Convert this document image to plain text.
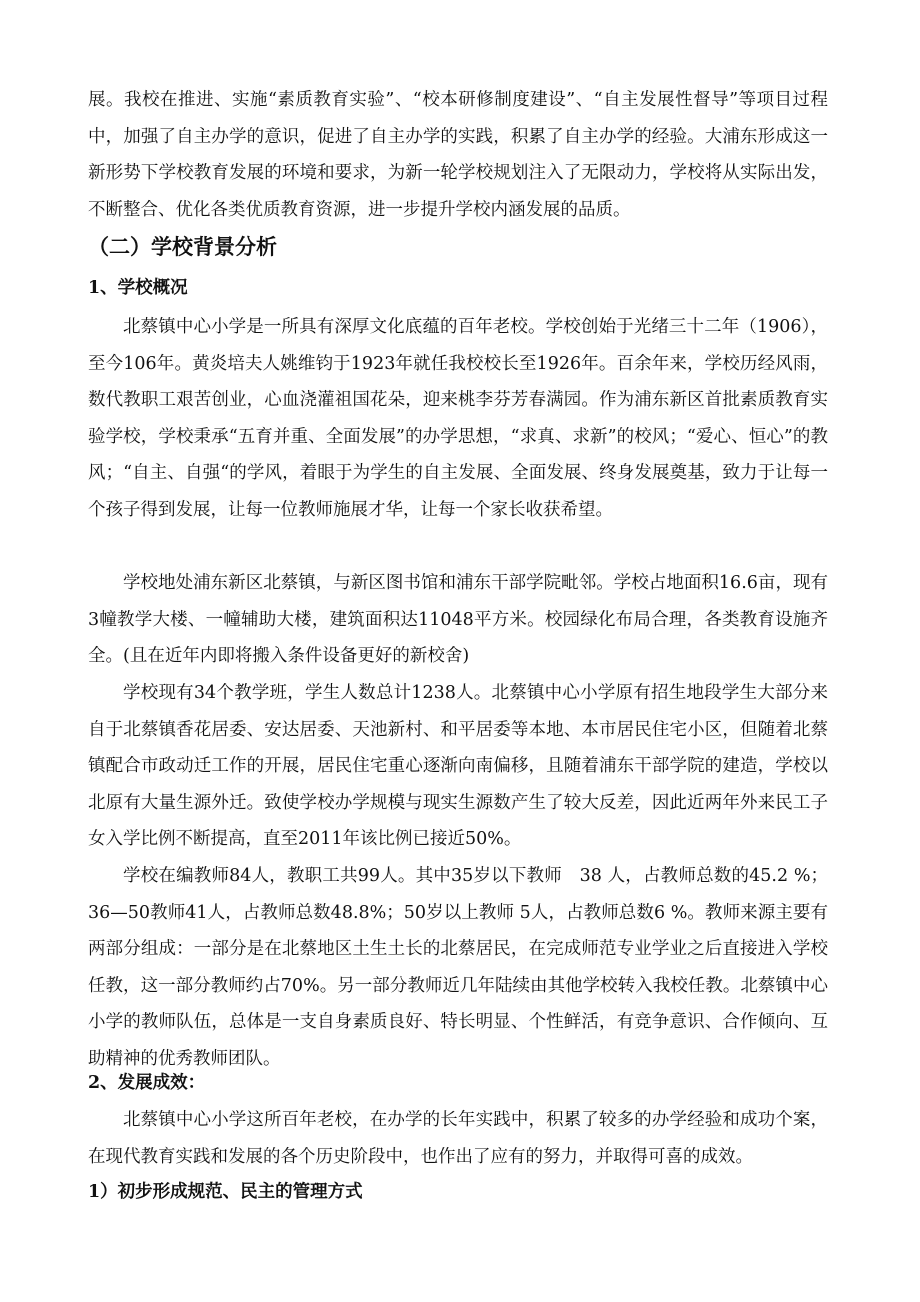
展。我校在推进、实施“素质教育实验”、“校本研修制度建设”、“自主发展性督导”等项目过程中，加强了自主办学的意识，促进了自主办学的实践，积累了自主办学的经验。大浦东形成这一新形势下学校教育发展的环境和要求，为新一轮学校规划注入了无限动力，学校将从实际出发，不断整合、优化各类优质教育资源，进一步提升学校内涵发展的品质。

（二）学校背景分析
1、学校概况

北蔡镇中心小学是一所具有深厚文化底蕴的百年老校。学校创始于光绪三十二年（1906），至今106年。黄炎培夫人姚维钧于1923年就任我校校长至1926年。百余年来，学校历经风雨，数代教职工艰苦创业，心血浇灌祖国花朵，迎来桃李芬芳春满园。作为浦东新区首批素质教育实验学校，学校秉承“五育并重、全面发展”的办学思想，“求真、求新”的校风；“爱心、恒心”的教风；“自主、自强“的学风，着眼于为学生的自主发展、全面发展、终身发展奠基，致力于让每一个孩子得到发展，让每一位教师施展才华，让每一个家长收获希望。

学校地处浦东新区北蔡镇，与新区图书馆和浦东干部学院毗邻。学校占地面积16.6亩，现有3幢教学大楼、一幢辅助大楼，建筑面积达11048平方米。校园绿化布局合理，各类教育设施齐全。(且在近年内即将搬入条件设备更好的新校舍)

学校现有34个教学班，学生人数总计1238人。北蔡镇中心小学原有招生地段学生大部分来自于北蔡镇香花居委、安达居委、天池新村、和平居委等本地、本市居民住宅小区，但随着北蔡镇配合市政动迁工作的开展，居民住宅重心逐渐向南偏移，且随着浦东干部学院的建造，学校以北原有大量生源外迁。致使学校办学规模与现实生源数产生了较大反差，因此近两年外来民工子女入学比例不断提高，直至2011年该比例已接近50%。

学校在编教师84人，教职工共99人。其中35岁以下教师　38 人，占教师总数的45.2 %；36—50教师41人，占教师总数48.8%；50岁以上教师 5人，占教师总数6 %。教师来源主要有两部分组成：一部分是在北蔡地区土生土长的北蔡居民，在完成师范专业学业之后直接进入学校任教，这一部分教师约占70%。另一部分教师近几年陆续由其他学校转入我校任教。北蔡镇中心小学的教师队伍，总体是一支自身素质良好、特长明显、个性鲜活，有竞争意识、合作倾向、互助精神的优秀教师团队。

2、发展成效：

北蔡镇中心小学这所百年老校，在办学的长年实践中，积累了较多的办学经验和成功个案，在现代教育实践和发展的各个历史阶段中，也作出了应有的努力，并取得可喜的成效。

1）初步形成规范、民主的管理方式
